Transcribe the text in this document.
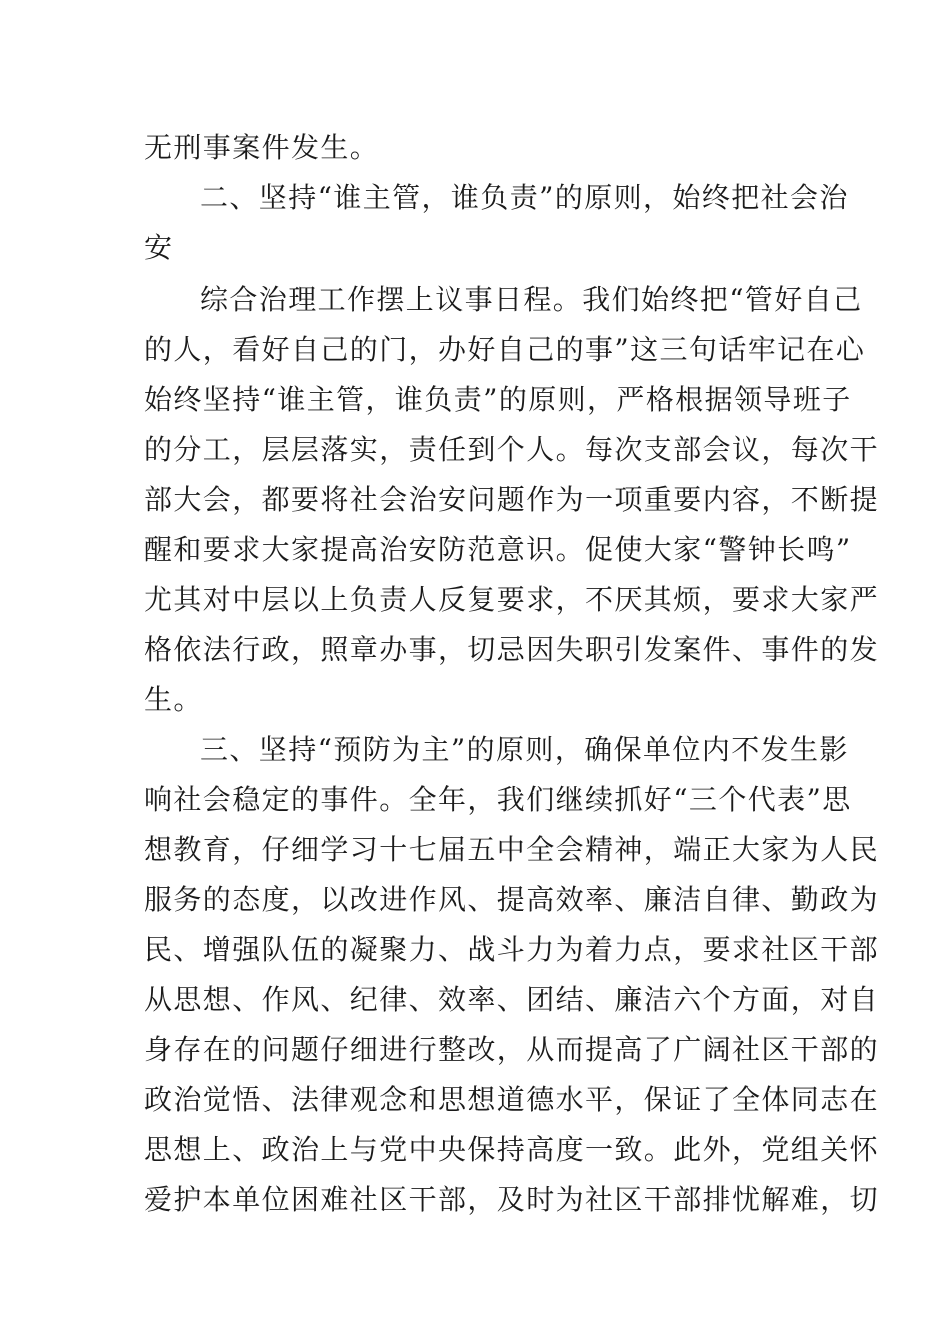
无刑事案件发生。
二、坚持“谁主管，谁负责”的原则，始终把社会治
安
综合治理工作摆上议事日程。我们始终把“管好自己
的人，看好自己的门，办好自己的事”这三句话牢记在心
始终坚持“谁主管，谁负责”的原则，严格根据领导班子
的分工，层层落实，责任到个人。每次支部会议，每次干
部大会，都要将社会治安问题作为一项重要内容，不断提
醒和要求大家提高治安防范意识。促使大家“警钟长鸣”
尤其对中层以上负责人反复要求，不厌其烦，要求大家严
格依法行政，照章办事，切忌因失职引发案件、事件的发
生。
三、坚持“预防为主”的原则，确保单位内不发生影
响社会稳定的事件。全年，我们继续抓好“三个代表”思
想教育，仔细学习十七届五中全会精神，端正大家为人民
服务的态度，以改进作风、提高效率、廉洁自律、勤政为
民、增强队伍的凝聚力、战斗力为着力点，要求社区干部
从思想、作风、纪律、效率、团结、廉洁六个方面，对自
身存在的问题仔细进行整改，从而提高了广阔社区干部的
政治觉悟、法律观念和思想道德水平，保证了全体同志在
思想上、政治上与党中央保持高度一致。此外，党组关怀
爱护本单位困难社区干部，及时为社区干部排忧解难，切
